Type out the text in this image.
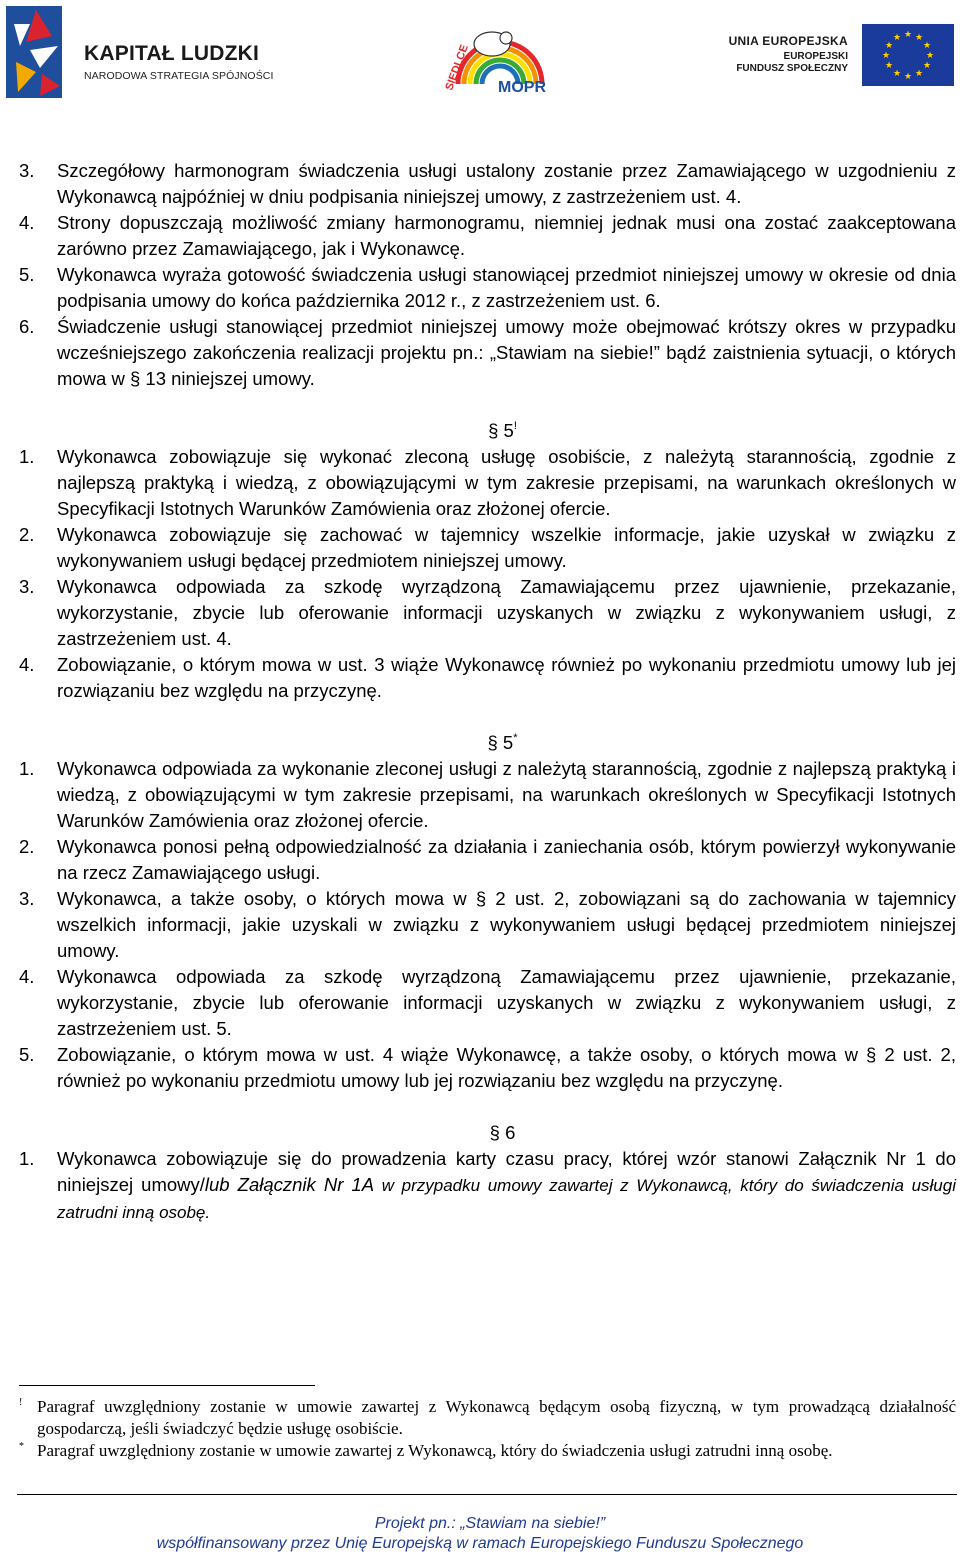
KAPITAŁ LUDZKI
NARODOWA STRATEGIA SPÓJNOŚCI	SIEDLCE MOPR
UNIA EUROPEJSKA
EUROPEJSKI
FUNDUSZ SPOŁECZNY
★ ★
★
★
★
★
★
★
★
★
★
★
3.	Szczegółowy harmonogram świadczenia usługi ustalony zostanie przez Zamawiającego w uzgodnieniu z Wykonawcą najpóźniej w dniu podpisania niniejszej umowy, z zastrzeżeniem ust. 4.
4.	Strony dopuszczają możliwość zmiany harmonogramu, niemniej jednak musi ona zostać zaakceptowana zarówno przez Zamawiającego, jak i Wykonawcę.
5.	Wykonawca wyraża gotowość świadczenia usługi stanowiącej przedmiot niniejszej umowy w okresie od dnia podpisania umowy do końca października 2012 r., z zastrzeżeniem ust. 6.
6.	Świadczenie usługi stanowiącej przedmiot niniejszej umowy może obejmować krótszy okres w przypadku wcześniejszego zakończenia realizacji projektu pn.: „Stawiam na siebie!” bądź zaistnienia sytuacji, o których mowa w § 13 niniejszej umowy.
§ 5!
1.	Wykonawca zobowiązuje się wykonać zleconą usługę osobiście, z należytą starannością, zgodnie z najlepszą praktyką i wiedzą, z obowiązującymi w tym zakresie przepisami, na warunkach określonych w Specyfikacji Istotnych Warunków Zamówienia oraz złożonej ofercie.
2.	Wykonawca zobowiązuje się zachować w tajemnicy wszelkie informacje, jakie uzyskał w związku z wykonywaniem usługi będącej przedmiotem niniejszej umowy.
3.	Wykonawca odpowiada za szkodę wyrządzoną Zamawiającemu przez ujawnienie, przekazanie, wykorzystanie, zbycie lub oferowanie informacji uzyskanych w związku z wykonywaniem usługi, z zastrzeżeniem ust. 4.
4.	Zobowiązanie, o którym mowa w ust. 3 wiąże Wykonawcę również po wykonaniu przedmiotu umowy lub jej rozwiązaniu bez względu na przyczynę.
§ 5*
1.	Wykonawca odpowiada za wykonanie zleconej usługi z należytą starannością, zgodnie z najlepszą praktyką i wiedzą, z obowiązującymi w tym zakresie przepisami, na warunkach określonych w Specyfikacji Istotnych Warunków Zamówienia oraz złożonej ofercie.
2.	Wykonawca ponosi pełną odpowiedzialność za działania i zaniechania osób, którym powierzył wykonywanie na rzecz Zamawiającego usługi.
3.	Wykonawca, a także osoby, o których mowa w § 2 ust. 2, zobowiązani są do zachowania w tajemnicy wszelkich informacji, jakie uzyskali w związku z wykonywaniem usługi będącej przedmiotem niniejszej umowy.
4.	Wykonawca odpowiada za szkodę wyrządzoną Zamawiającemu przez ujawnienie, przekazanie, wykorzystanie, zbycie lub oferowanie informacji uzyskanych w związku z wykonywaniem usługi, z zastrzeżeniem ust. 5.
5.	Zobowiązanie, o którym mowa w ust. 4 wiąże Wykonawcę, a także osoby, o których mowa w § 2 ust. 2, również po wykonaniu przedmiotu umowy lub jej rozwiązaniu bez względu na przyczynę.
§ 6
1.	Wykonawca zobowiązuje się do prowadzenia karty czasu pracy, której wzór stanowi Załącznik Nr 1 do niniejszej umowy/lub Załącznik Nr 1A w przypadku umowy zawartej z Wykonawcą, który do świadczenia usługi zatrudni inną osobę.
! Paragraf uwzględniony zostanie w umowie zawartej z Wykonawcą będącym osobą fizyczną, w tym prowadzącą działalność gospodarczą, jeśli świadczyć będzie usługę osobiście.
* Paragraf uwzględniony zostanie w umowie zawartej z Wykonawcą, który do świadczenia usługi zatrudni inną osobę.
Projekt pn.: „Stawiam na siebie!”
współfinansowany przez Unię Europejską w ramach Europejskiego Funduszu Społecznego
